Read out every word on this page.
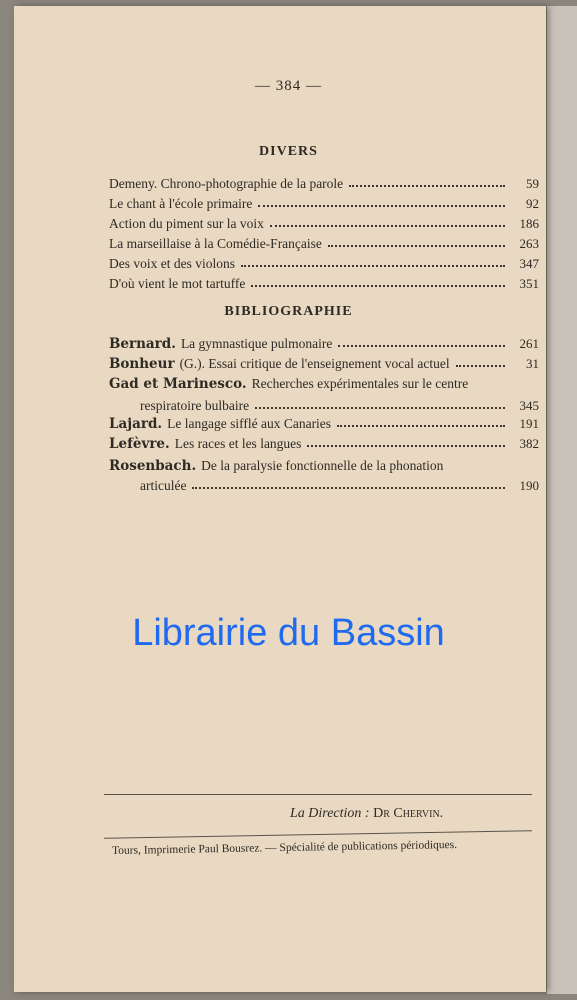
— 384 —
DIVERS
Demeny. Chrono-photographie de la parole	59
Le chant à l'école primaire	92
Action du piment sur la voix	186
La marseillaise à la Comédie-Française	263
Des voix et des violons	347
D'où vient le mot tartuffe	351
BIBLIOGRAPHIE
Bernard. La gymnastique pulmonaire	261
Bonheur (G.). Essai critique de l'enseignement vocal actuel	31
Gad et Marinesco. Recherches expérimentales sur le centre
respiratoire bulbaire	345
Lajard. Le langage sifflé aux Canaries	191
Lefèvre. Les races et les langues	382
Rosenbach. De la paralysie fonctionnelle de la phonation
articulée	190
Librairie du Bassin
La Direction : Dr Chervin.
Tours, Imprimerie Paul Bousrez. — Spécialité de publications périodiques.
